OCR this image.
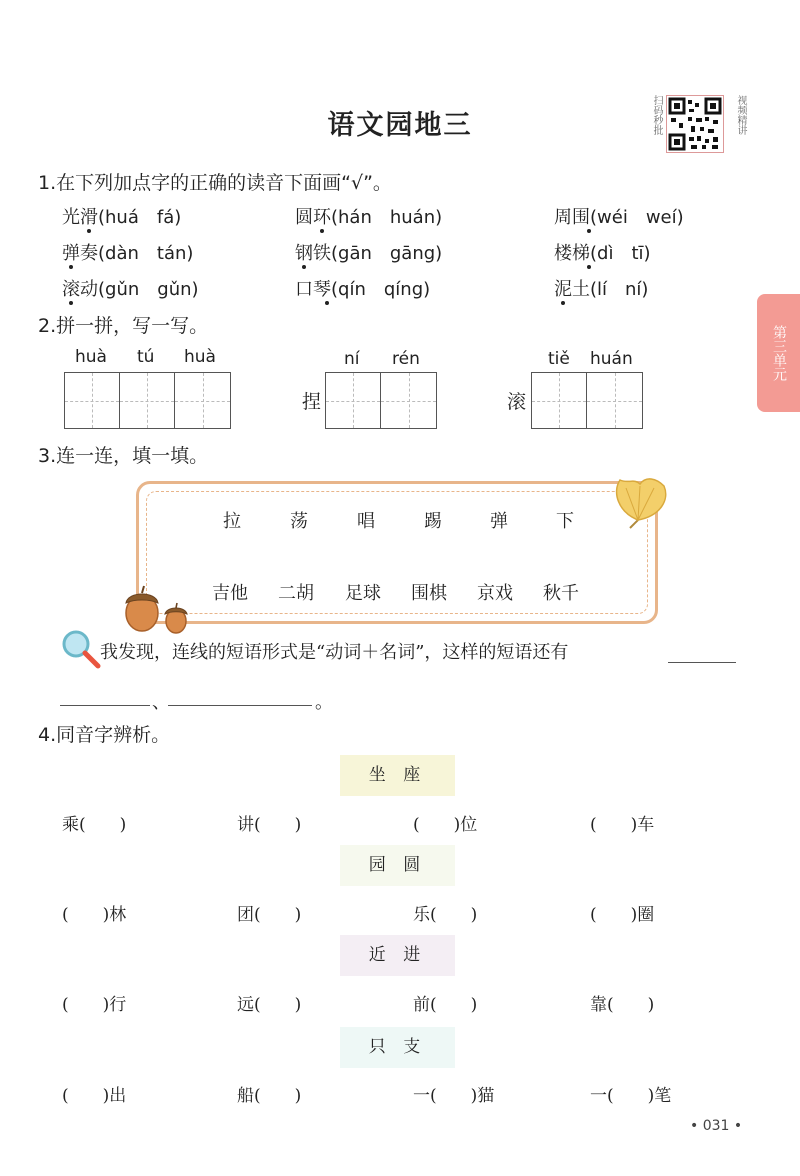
语文园地三	扫码秒批	视频精讲
第三单元
1.在下列加点字的正确的读音下面画“√”。
光滑(huá　fá)	圆环(hán　huán)	周围(wéi　weí)
弹奏(dàn　tán)	钢铁(gān　gāng)	楼梯(dì　tī)
滚动(gǔn　gǔn)	口琴(qín　qíng)	泥土(lí　ní)
2.拼一拼，写一写。
huà tú huà	ní rén
捏
tiě huán
滚
3.连一连，填一填。
拉	荡	唱	踢	弹	下
吉他 二胡 足球 围棋 京戏 秋千
我发现，连线的短语形式是“动词＋名词”，这样的短语还有
、	。
4.同音字辨析。
坐 座
乘(　　)	讲(　　)	(　　)位	(　　)车
园 圆
(　　)林	团(　　)	乐(　　)	(　　)圈
近 进
(　　)行	远(　　)	前(　　)	靠(　　)
只 支
(　　)出	船(　　)	一(　　)猫	一(　　)笔
• 031 •
